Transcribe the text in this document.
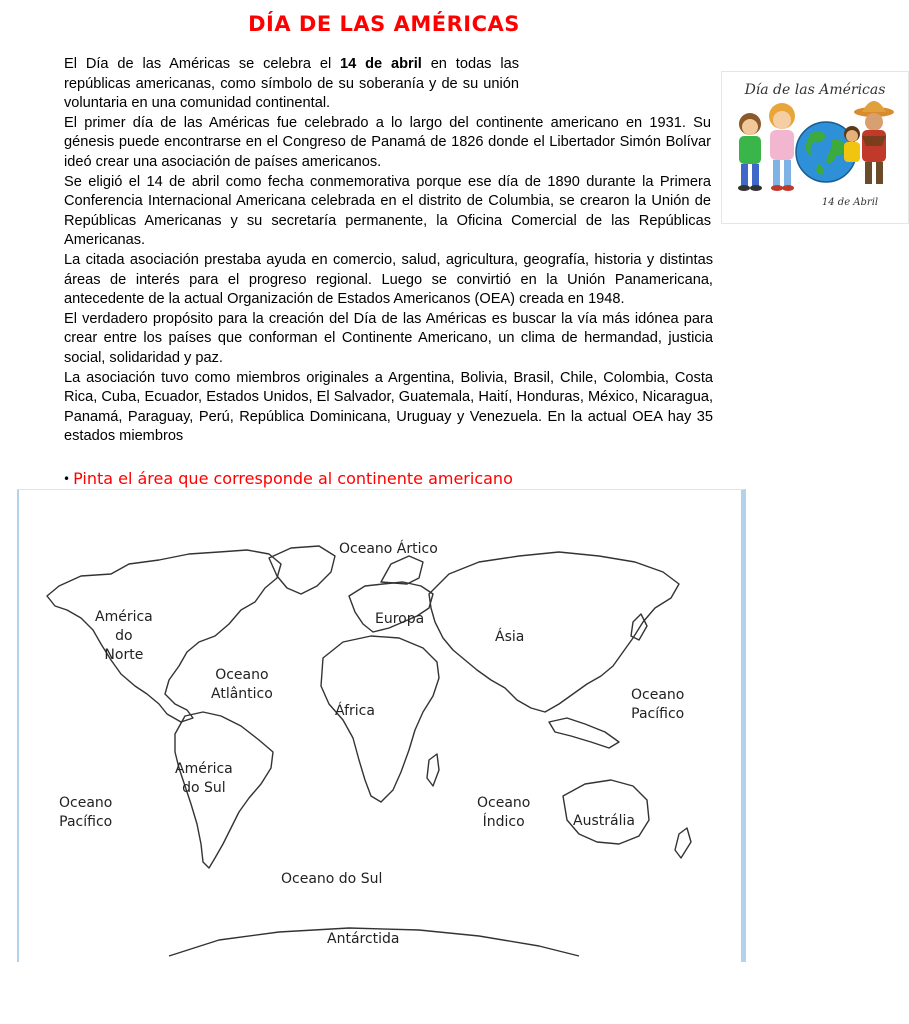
DÍA DE LAS AMÉRICAS
Día de las Américas
14 de Abril

El Día de las Américas se celebra el 14 de abril en todas las repúblicas americanas, como símbolo de su soberanía y de su unión voluntaria en una comunidad continental.

El primer día de las Américas fue celebrado a lo largo del continente americano en 1931. Su génesis puede encontrarse en el Congreso de Panamá de 1826 donde el Libertador Simón Bolívar ideó crear una asociación de países americanos.

Se eligió el 14 de abril como fecha conmemorativa porque ese día de 1890 durante la Primera Conferencia Internacional Americana celebrada en el distrito de Columbia, se crearon la Unión de Repúblicas Americanas y su secretaría permanente, la Oficina Comercial de las Repúblicas Americanas.

La citada asociación prestaba ayuda en comercio, salud, agricultura, geografía, historia y distintas áreas de interés para el progreso regional. Luego se convirtió en la Unión Panamericana, antecedente de la actual Organización de Estados Americanos (OEA) creada en 1948.

El verdadero propósito para la creación del Día de las Américas es buscar la vía más idónea para crear entre los países que conforman el Continente Americano, un clima de hermandad, justicia social, solidaridad y paz.

La asociación tuvo como miembros originales a Argentina, Bolivia, Brasil, Chile, Colombia, Costa Rica, Cuba, Ecuador, Estados Unidos, El Salvador, Guatemala, Haití, Honduras, México, Nicaragua, Panamá, Paraguay, Perú, República Dominicana, Uruguay y Venezuela. En la actual OEA hay 35 estados miembros

• Pinta el área que corresponde al continente americano
Oceano Ártico
América
do
Norte
Europa
Ásia
Oceano
Atlântico
África
Oceano
Pacífico
América
do Sul
Oceano
Pacífico
Oceano
Índico	Austrália
Oceano do Sul
Antárctida
